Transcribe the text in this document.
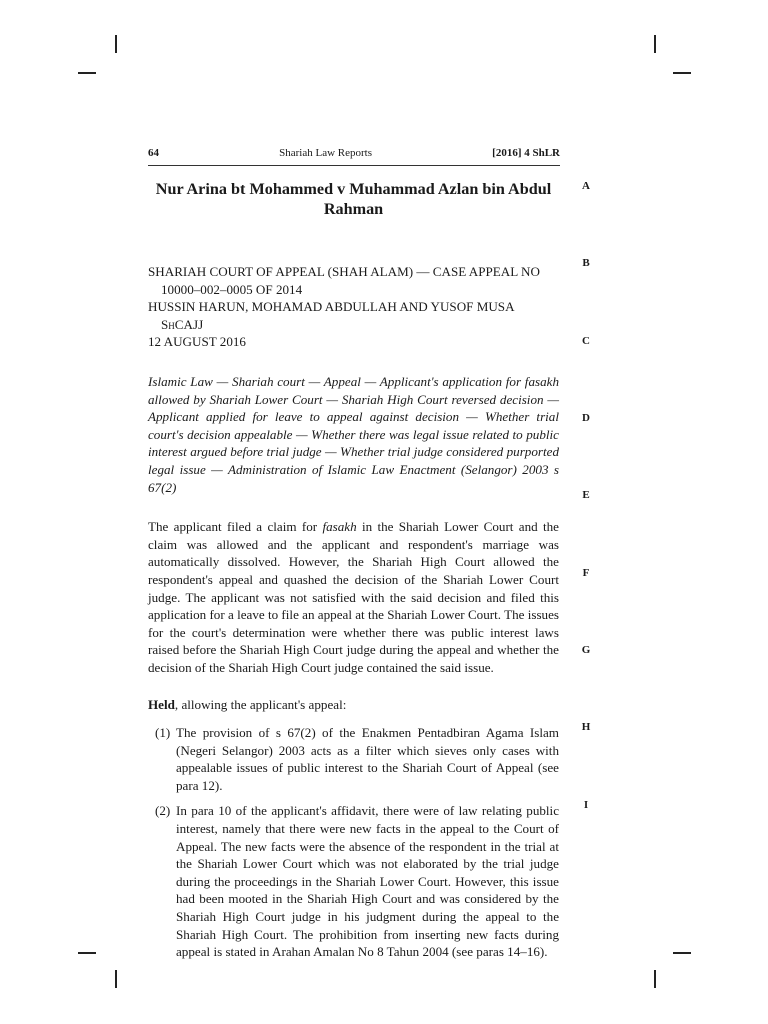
64	Shariah Law Reports	[2016] 4 ShLR
Nur Arina bt Mohammed v Muhammad Azlan bin Abdul Rahman

SHARIAH COURT OF APPEAL (SHAH ALAM) — CASE APPEAL NO

10000–002–0005 OF 2014

HUSSIN HARUN, MOHAMAD ABDULLAH AND YUSOF MUSA

ShCAJJ

12 AUGUST 2016

Islamic Law — Shariah court — Appeal — Applicant's application for fasakh allowed by Shariah Lower Court — Shariah High Court reversed decision — Applicant applied for leave to appeal against decision — Whether trial court's decision appealable — Whether there was legal issue related to public interest argued before trial judge — Whether trial judge considered purported legal issue — Administration of Islamic Law Enactment (Selangor) 2003 s 67(2)

The applicant filed a claim for fasakh in the Shariah Lower Court and the claim was allowed and the applicant and respondent's marriage was automatically dissolved. However, the Shariah High Court allowed the respondent's appeal and quashed the decision of the Shariah Lower Court judge. The applicant was not satisfied with the said decision and filed this application for a leave to file an appeal at the Shariah Lower Court. The issues for the court's determination were whether there was public interest laws raised before the Shariah High Court judge during the appeal and whether the decision of the Shariah High Court judge contained the said issue.

Held, allowing the applicant's appeal:

(1) The provision of s 67(2) of the Enakmen Pentadbiran Agama Islam (Negeri Selangor) 2003 acts as a filter which sieves only cases with appealable issues of public interest to the Shariah Court of Appeal (see para 12).
(2) In para 10 of the applicant's affidavit, there were of law relating public interest, namely that there were new facts in the appeal to the Court of Appeal. The new facts were the absence of the respondent in the trial at the Shariah Lower Court which was not elaborated by the trial judge during the proceedings in the Shariah Lower Court. However, this issue had been mooted in the Shariah High Court and was considered by the Shariah High Court judge in his judgment during the appeal to the Shariah High Court. The prohibition from inserting new facts during appeal is stated in Arahan Amalan No 8 Tahun 2004 (see paras 14–16).
A
B
C
D
E
F
G
H
I
